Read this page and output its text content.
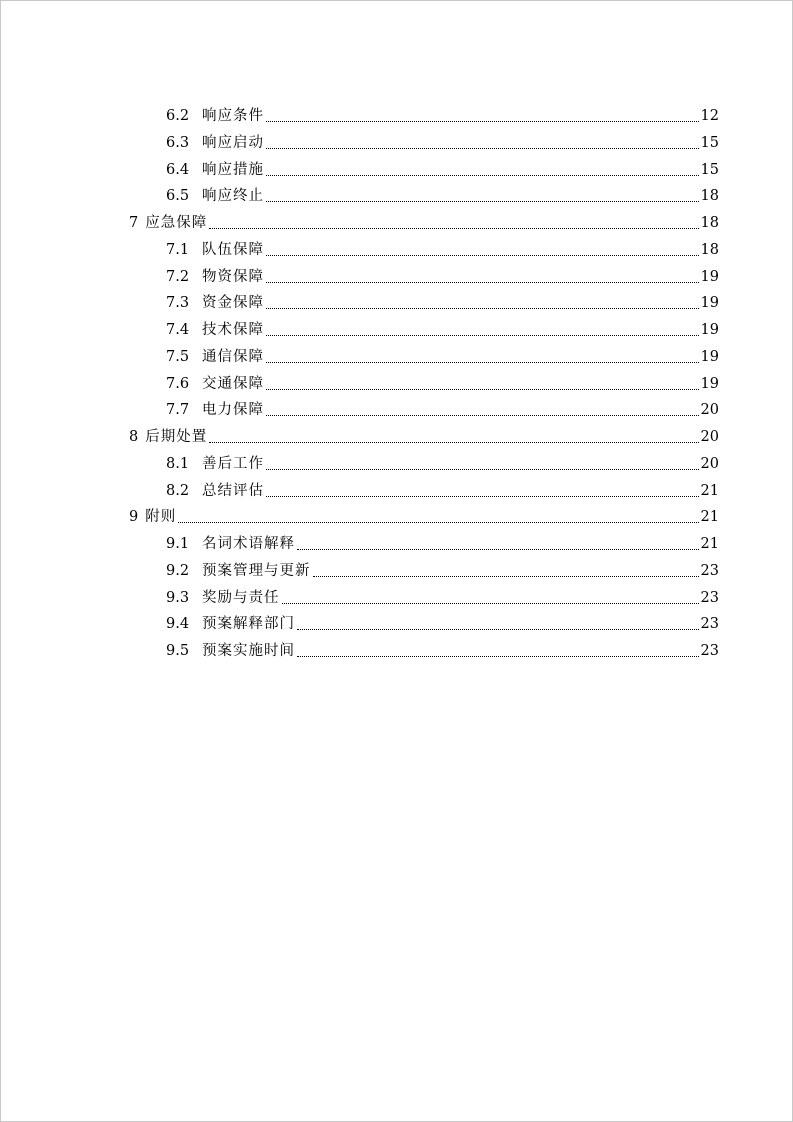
6.2 响应条件	12
6.3 响应启动	15
6.4 响应措施	15
6.5 响应终止	18
7 应急保障	18
7.1 队伍保障	18
7.2 物资保障	19
7.3 资金保障	19
7.4 技术保障	19
7.5 通信保障	19
7.6 交通保障	19
7.7 电力保障	20
8 后期处置	20
8.1 善后工作	20
8.2 总结评估	21
9 附则	21
9.1 名词术语解释	21
9.2 预案管理与更新	23
9.3 奖励与责任	23
9.4 预案解释部门	23
9.5 预案实施时间	23
